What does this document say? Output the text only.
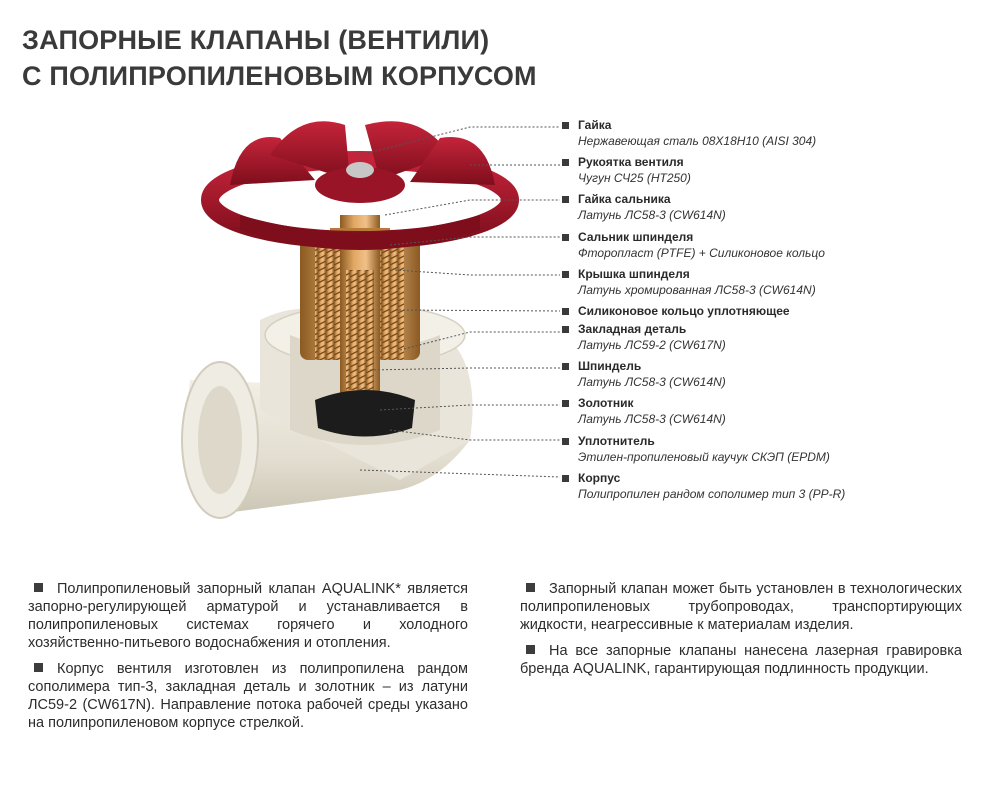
ЗАПОРНЫЕ КЛАПАНЫ (ВЕНТИЛИ)
С ПОЛИПРОПИЛЕНОВЫМ КОРПУСОМ
Гайка
Нержавеющая сталь 08Х18Н10 (AISI 304)
Рукоятка вентиля
Чугун СЧ25 (НТ250)
Гайка сальника
Латунь ЛС58-3 (CW614N)
Сальник шпинделя
Фторопласт (PTFE) + Силиконовое кольцо
Крышка шпинделя
Латунь хромированная ЛС58-3 (CW614N)
Силиконовое кольцо уплотняющее
Закладная деталь
Латунь ЛС59-2 (CW617N)
Шпиндель
Латунь ЛС58-3 (CW614N)
Золотник
Латунь ЛС58-3 (CW614N)
Уплотнитель
Этилен-пропиленовый каучук СКЭП (EPDM)
Корпус
Полипропилен рандом сополимер тип 3 (PP-R)

Полипропиленовый запорный клапан AQUALINK* является запорно-регулирующей арматурой и устанавливается в полипропиленовых системах горячего и холодного хозяйственно-питьевого водоснабжения и отопления.

Корпус вентиля изготовлен из полипропилена рандом сополимера тип-3, закладная деталь и золотник – из латуни ЛС59-2 (CW617N). Направление потока рабочей среды указано на полипропиленовом корпусе стрелкой.

Запорный клапан может быть установлен в технологических полипропиленовых трубопроводах, транспортирующих жидкости, неагрессивные к материалам изделия.

На все запорные клапаны нанесена лазерная гравировка бренда AQUALINK, гарантирующая подлинность продукции.
